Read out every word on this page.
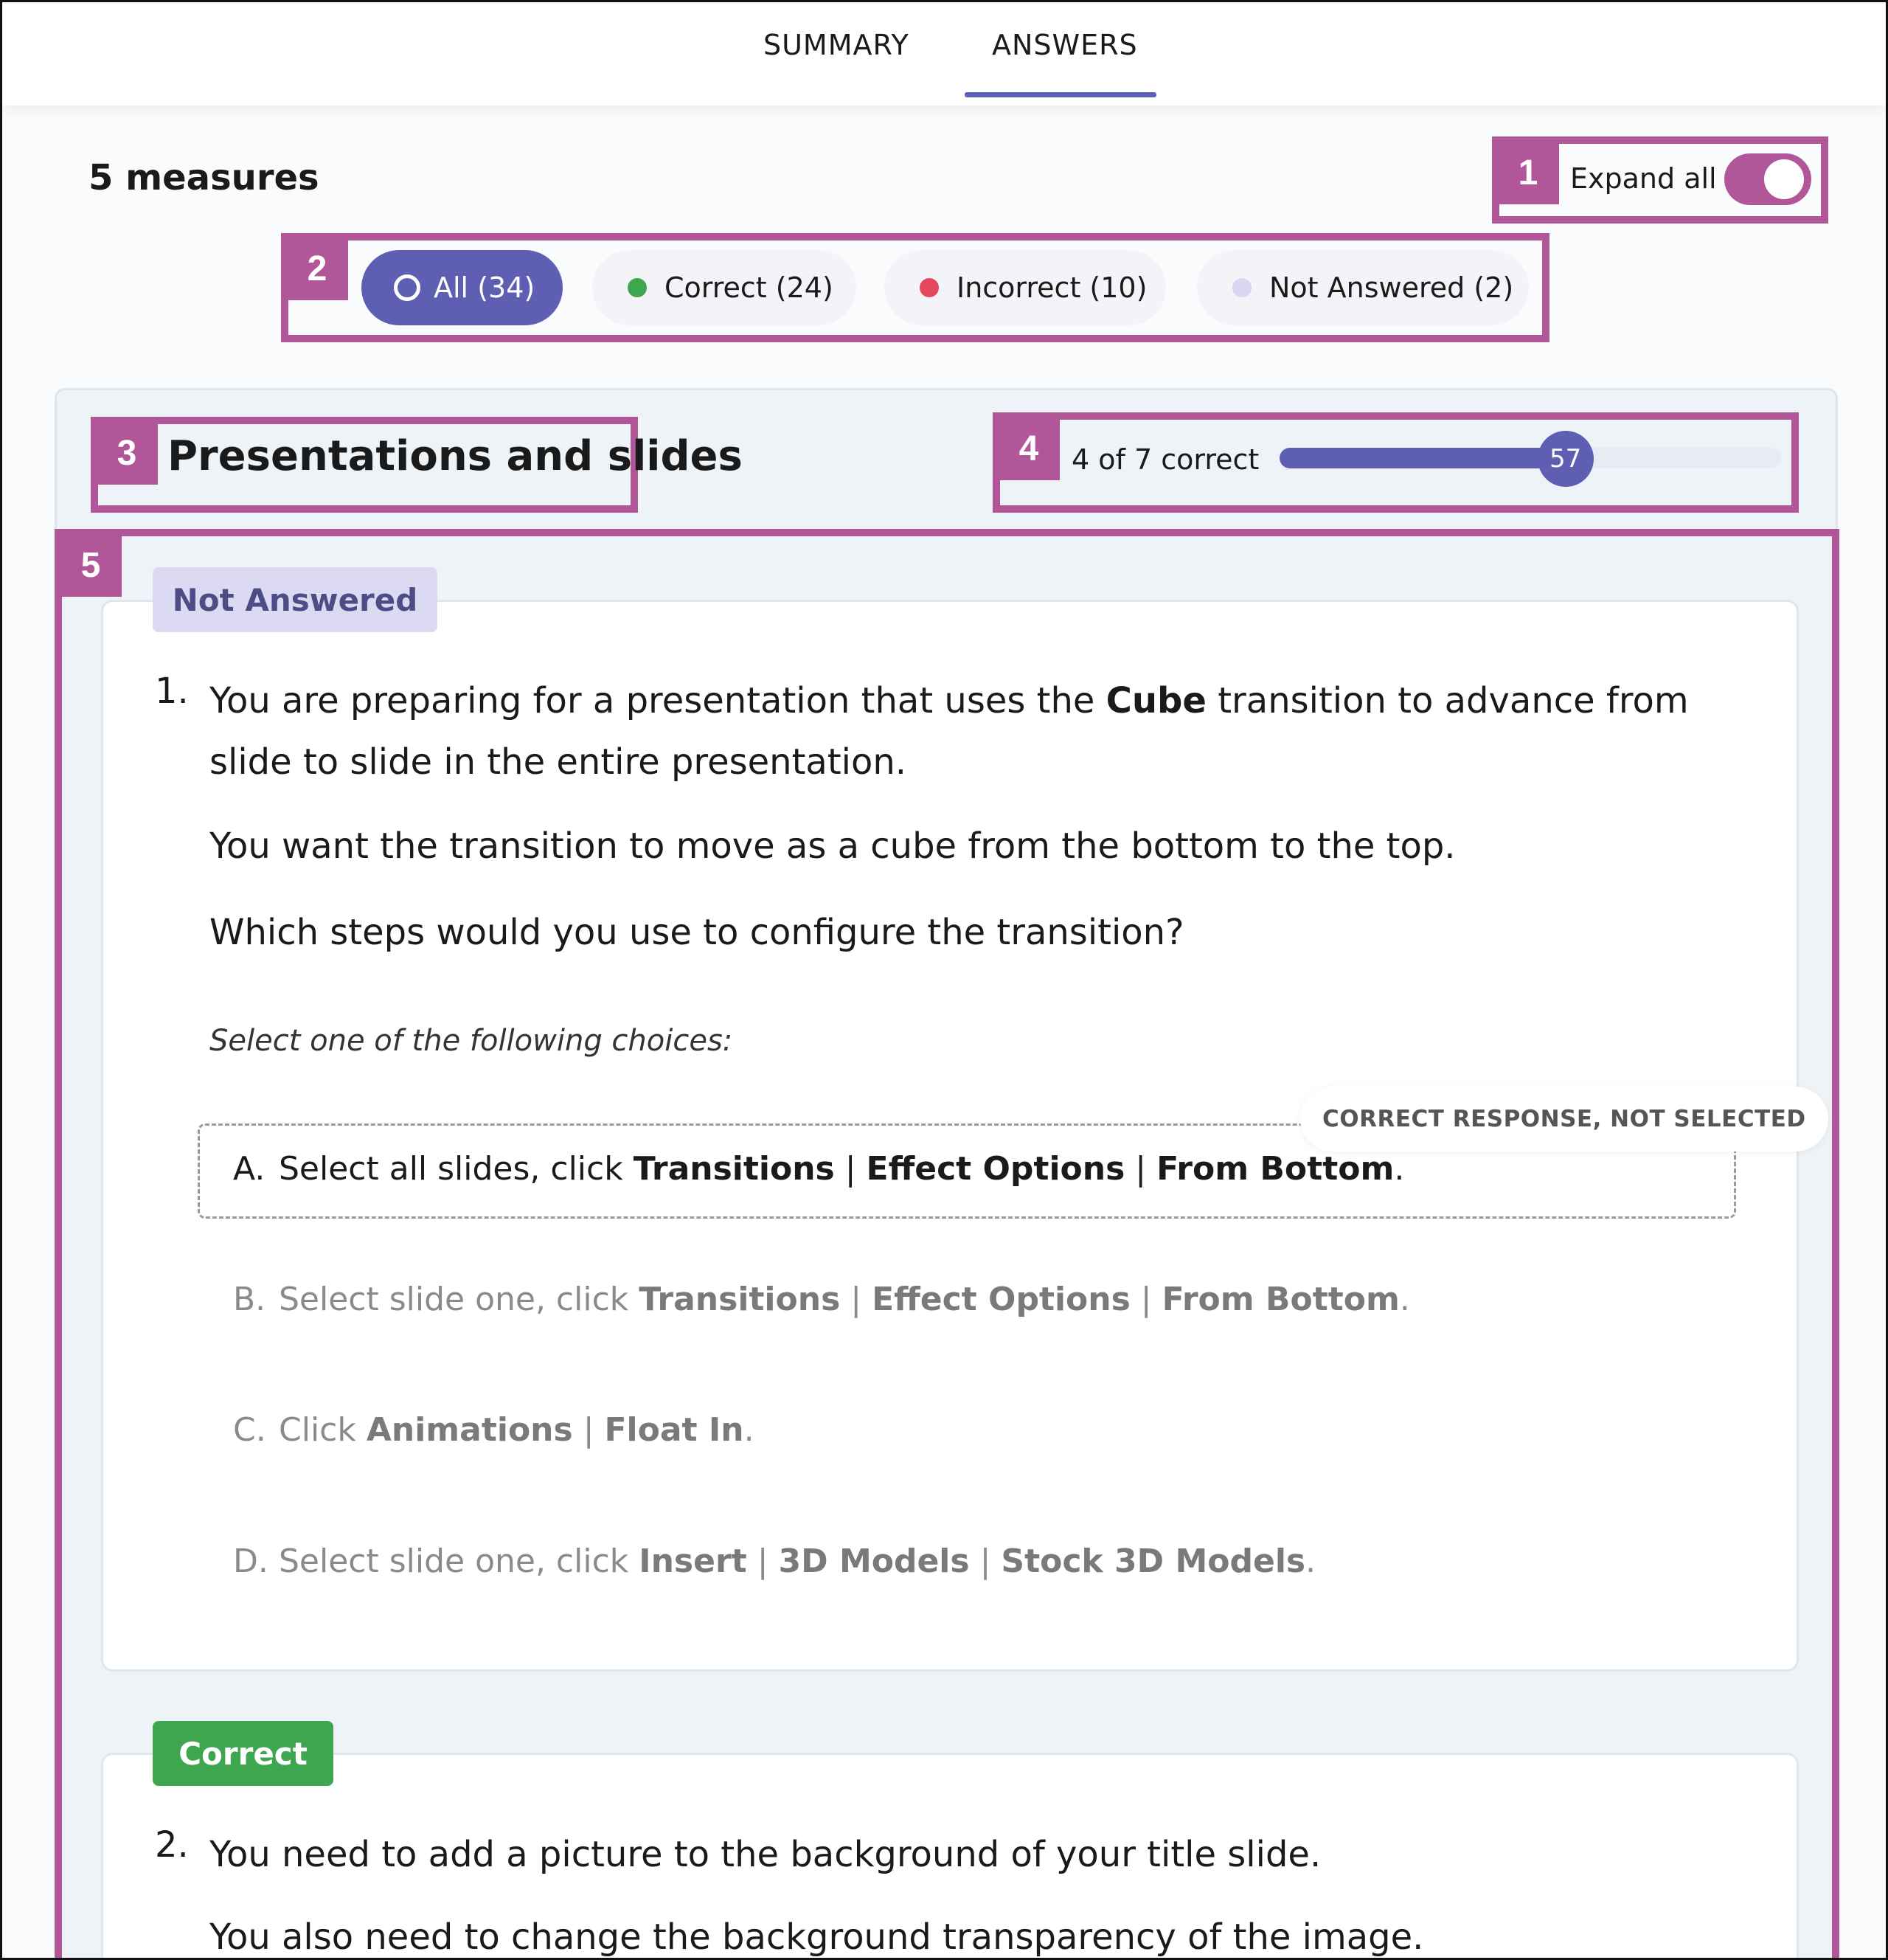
SUMMARY	ANSWERS
5 measures	1	Expand all
2	All (34)	Correct (24)	Incorrect (10)	Not Answered (2)
3 Presentations and slides	4	4 of 7 correct	57
5
Not Answered
1. You are preparing for a presentation that uses the Cube transition to advance from slide to slide in the entire presentation.
You want the transition to move as a cube from the bottom to the top.
Which steps would you use to configure the transition?
Select one of the following choices:
CORRECT RESPONSE, NOT SELECTED
A. Select all slides, click Transitions | Effect Options | From Bottom.
B. Select slide one, click Transitions | Effect Options | From Bottom.
C. Click Animations | Float In.
D. Select slide one, click Insert | 3D Models | Stock 3D Models.
Correct
2. You need to add a picture to the background of your title slide.
You also need to change the background transparency of the image.
